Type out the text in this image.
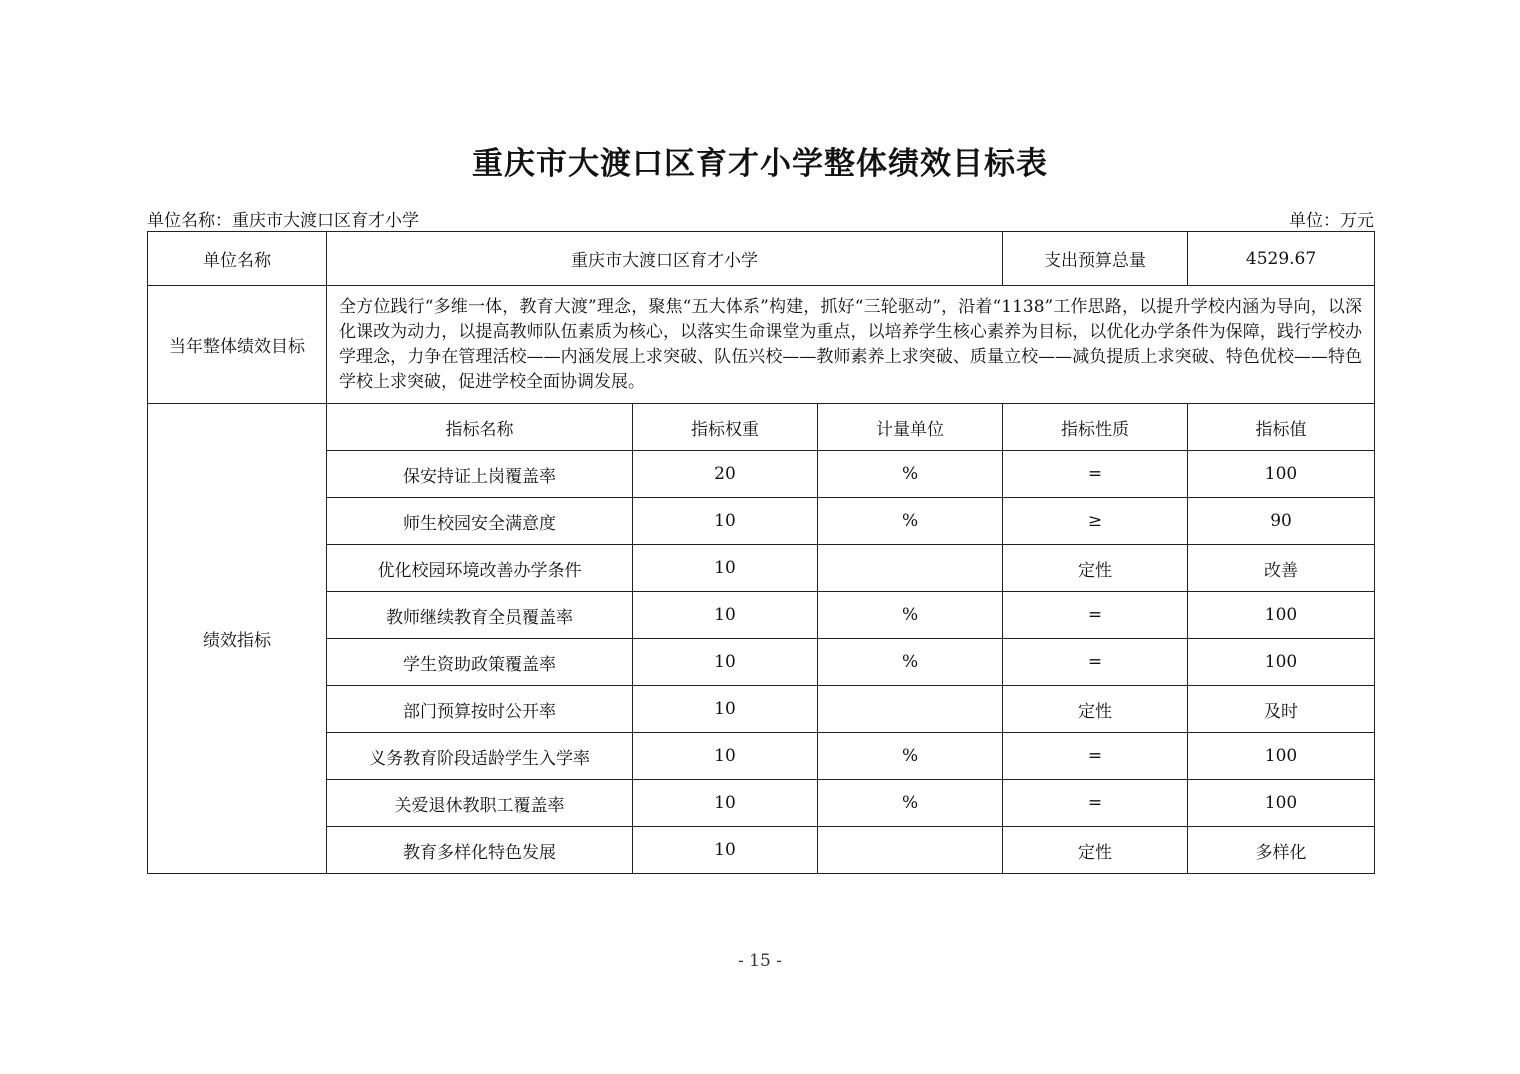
重庆市大渡口区育才小学整体绩效目标表
单位名称：重庆市大渡口区育才小学	单位：万元
单位名称	重庆市大渡口区育才小学			支出预算总量	4529.67
当年整体绩效目标	全方位践行“多维一体，教育大渡”理念，聚焦“五大体系”构建，抓好“三轮驱动”，沿着“1138”工作思路，以提升学校内涵为导向，以深化课改为动力，以提高教师队伍素质为核心，以落实生命课堂为重点，以培养学生核心素养为目标，以优化办学条件为保障，践行学校办学理念，力争在管理活校——内涵发展上求突破、队伍兴校——教师素养上求突破、质量立校——减负提质上求突破、特色优校——特色学校上求突破，促进学校全面协调发展。				
绩效指标	指标名称	指标权重	计量单位	指标性质	指标值
	保安持证上岗覆盖率	20	%	=	100
	师生校园安全满意度	10	%	≥	90
	优化校园环境改善办学条件	10		定性	改善
	教师继续教育全员覆盖率	10	%	=	100
	学生资助政策覆盖率	10	%	=	100
	部门预算按时公开率	10		定性	及时
	义务教育阶段适龄学生入学率	10	%	=	100
	关爱退休教职工覆盖率	10	%	=	100
	教育多样化特色发展	10		定性	多样化
- 15 -
